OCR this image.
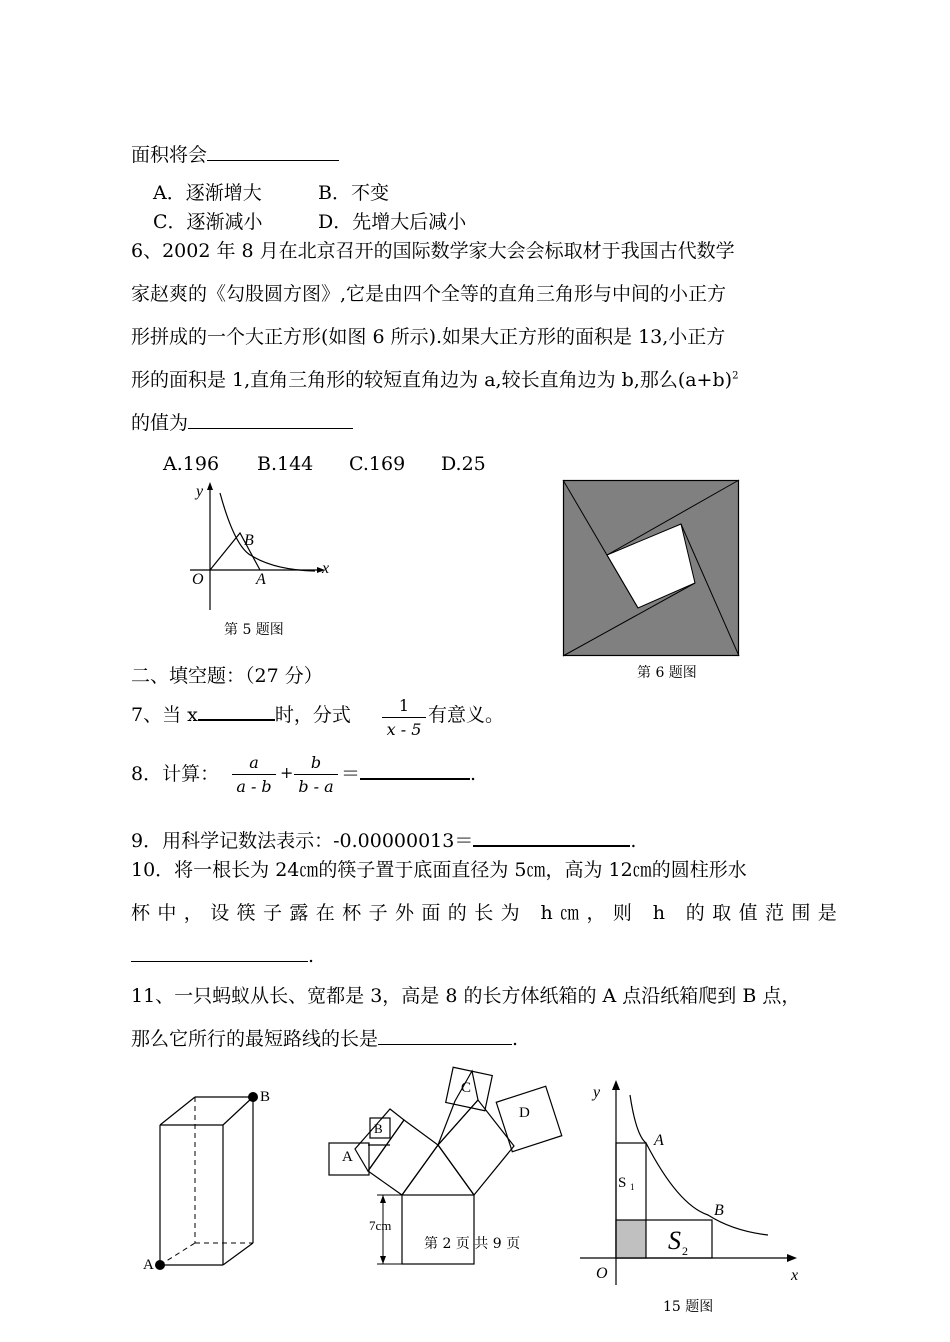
面积将会
A．逐渐增大	B．不变
C．逐渐减小	D．先增大后减小
6、2002 年 8 月在北京召开的国际数学家大会会标取材于我国古代数学
家赵爽的《勾股圆方图》,它是由四个全等的直角三角形与中间的小正方
形拼成的一个大正方形(如图 6 所示).如果大正方形的面积是 13,小正方
形的面积是 1,直角三角形的较短直角边为 a,较长直角边为 b,那么$(a+b)^2$
的值为
A.196 B.144 C.169 D.25
y
x
O
B
A
第 5 题图
第 6 题图
二、填空题：（27 分）
7、当 x	时，分式	1
x - 5
有意义。
8．计算：
a
a - b
+
b
b - a
＝	.
9．用科学记数法表示：-0.00000013＝	.
10．将一根长为 24㎝的筷子置于底面直径为 5㎝，高为 12㎝的圆柱形水
杯中，设筷子露在杯子外面的长为 h㎝，则 h 的取值范围是
.
11、一只蚂蚁从长、宽都是 3，高是 8 的长方体纸箱的 A 点沿纸箱爬到 B 点，
那么它所行的最短路线的长是	.
B
A
A
B
C
D
7cm
第 2 页 共 9 页
y
x
O
A
B
S 1
S 2
15 题图
